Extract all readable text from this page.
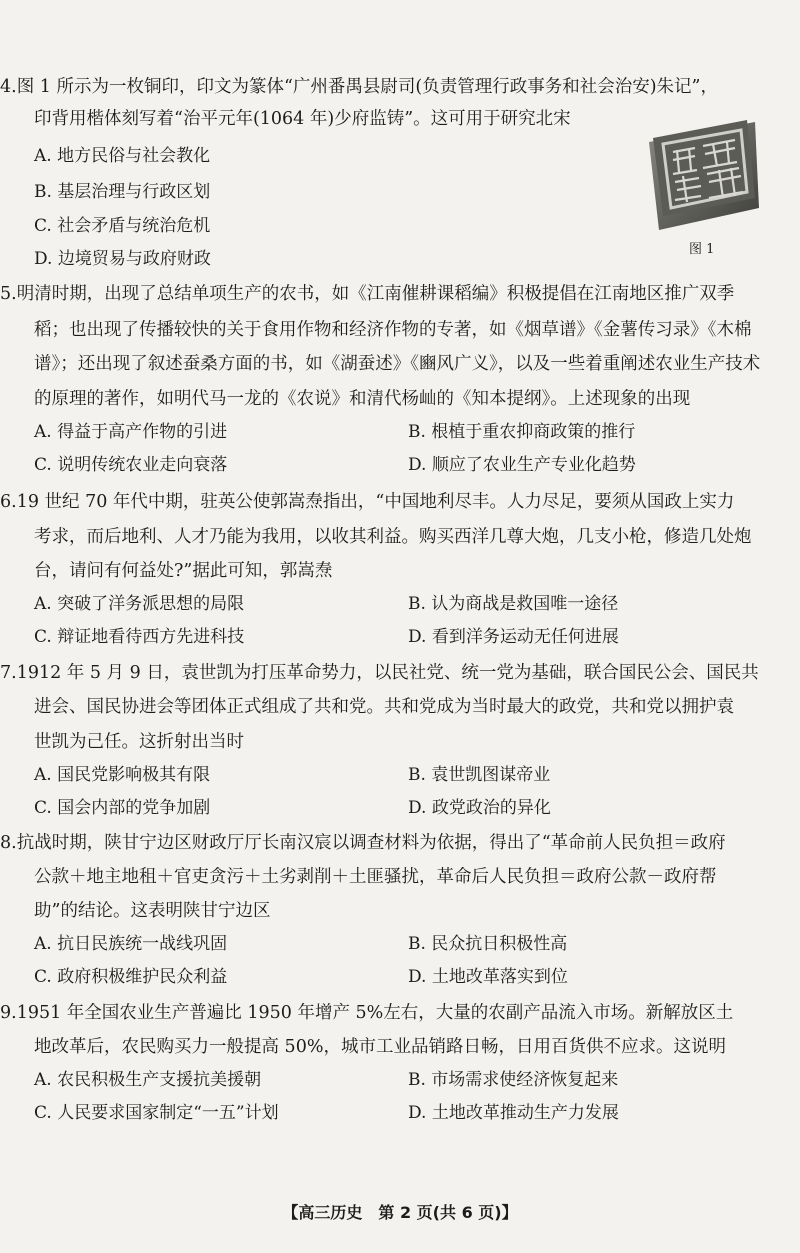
4.图 1 所示为一枚铜印，印文为篆体“广州番禺县尉司(负责管理行政事务和社会治安)朱记”，
印背用楷体刻写着“治平元年(1064 年)少府监铸”。这可用于研究北宋
A. 地方民俗与社会教化
B. 基层治理与行政区划
C. 社会矛盾与统治危机
D. 边境贸易与政府财政	图 1
5.明清时期，出现了总结单项生产的农书，如《江南催耕课稻编》积极提倡在江南地区推广双季
稻；也出现了传播较快的关于食用作物和经济作物的专著，如《烟草谱》《金薯传习录》《木棉
谱》；还出现了叙述蚕桑方面的书，如《湖蚕述》《豳风广义》，以及一些着重阐述农业生产技术
的原理的著作，如明代马一龙的《农说》和清代杨屾的《知本提纲》。上述现象的出现
A. 得益于高产作物的引进	B. 根植于重农抑商政策的推行
C. 说明传统农业走向衰落	D. 顺应了农业生产专业化趋势
6.19 世纪 70 年代中期，驻英公使郭嵩焘指出，“中国地利尽丰。人力尽足，要须从国政上实力
考求，而后地利、人才乃能为我用，以收其利益。购买西洋几尊大炮，几支小枪，修造几处炮
台，请问有何益处?”据此可知，郭嵩焘
A. 突破了洋务派思想的局限	B. 认为商战是救国唯一途径
C. 辩证地看待西方先进科技	D. 看到洋务运动无任何进展
7.1912 年 5 月 9 日，袁世凯为打压革命势力，以民社党、统一党为基础，联合国民公会、国民共
进会、国民协进会等团体正式组成了共和党。共和党成为当时最大的政党，共和党以拥护袁
世凯为己任。这折射出当时
A. 国民党影响极其有限	B. 袁世凯图谋帝业
C. 国会内部的党争加剧	D. 政党政治的异化
8.抗战时期，陕甘宁边区财政厅厅长南汉宸以调查材料为依据，得出了“革命前人民负担＝政府
公款＋地主地租＋官吏贪污＋土劣剥削＋土匪骚扰，革命后人民负担＝政府公款－政府帮
助”的结论。这表明陕甘宁边区
A. 抗日民族统一战线巩固	B. 民众抗日积极性高
C. 政府积极维护民众利益	D. 土地改革落实到位
9.1951 年全国农业生产普遍比 1950 年增产 5%左右，大量的农副产品流入市场。新解放区土
地改革后，农民购买力一般提高 50%，城市工业品销路日畅，日用百货供不应求。这说明
A. 农民积极生产支援抗美援朝	B. 市场需求使经济恢复起来
C. 人民要求国家制定“一五”计划	D. 土地改革推动生产力发展
【高三历史　第 2 页(共 6 页)】
